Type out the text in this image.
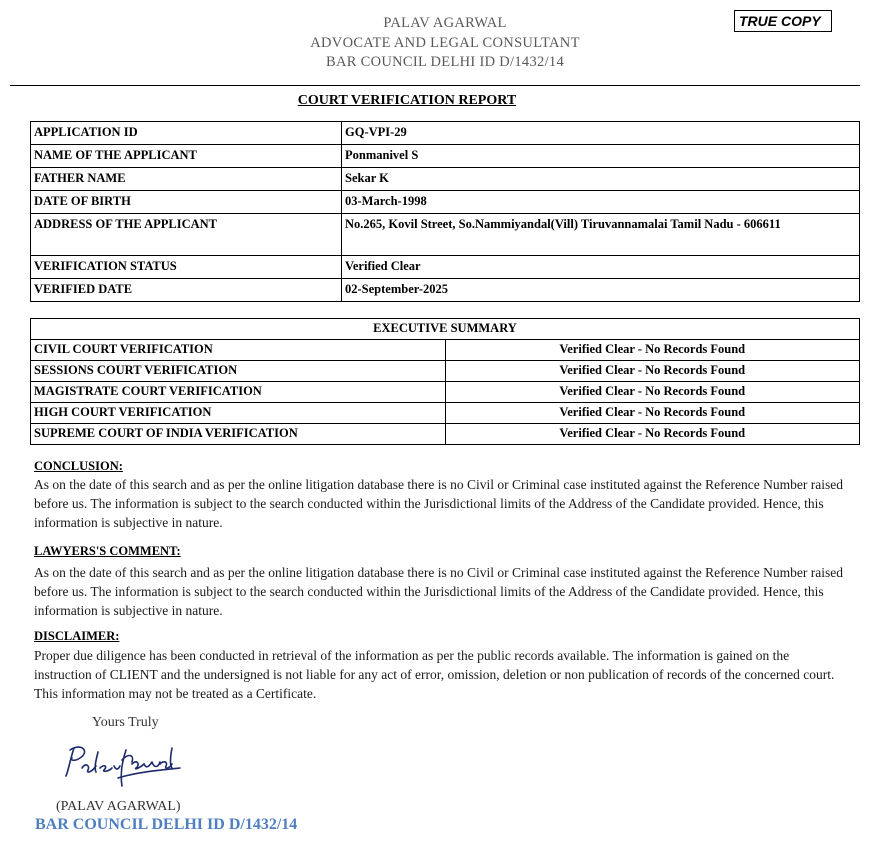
PALAV AGARWAL
ADVOCATE AND LEGAL CONSULTANT
BAR COUNCIL DELHI ID D/1432/14
TRUE COPY
COURT VERIFICATION REPORT
APPLICATION ID	GQ-VPI-29
NAME OF THE APPLICANT	Ponmanivel S
FATHER NAME	Sekar K
DATE OF BIRTH	03-March-1998
ADDRESS OF THE APPLICANT	No.265, Kovil Street, So.Nammiyandal(Vill) Tiruvannamalai Tamil Nadu - 606611
VERIFICATION STATUS	Verified Clear
VERIFIED DATE	02-September-2025
EXECUTIVE SUMMARY	
CIVIL COURT VERIFICATION	Verified Clear - No Records Found
SESSIONS COURT VERIFICATION	Verified Clear - No Records Found
MAGISTRATE COURT VERIFICATION	Verified Clear - No Records Found
HIGH COURT VERIFICATION	Verified Clear - No Records Found
SUPREME COURT OF INDIA VERIFICATION	Verified Clear - No Records Found
CONCLUSION:
As on the date of this search and as per the online litigation database there is no Civil or Criminal case instituted against the Reference Number raised before us. The information is subject to the search conducted within the Jurisdictional limits of the Address of the Candidate provided. Hence, this information is subjective in nature.
LAWYERS'S COMMENT:
As on the date of this search and as per the online litigation database there is no Civil or Criminal case instituted against the Reference Number raised before us. The information is subject to the search conducted within the Jurisdictional limits of the Address of the Candidate provided. Hence, this information is subjective in nature.
DISCLAIMER:
Proper due diligence has been conducted in retrieval of the information as per the public records available. The information is gained on the instruction of CLIENT and the undersigned is not liable for any act of error, omission, deletion or non publication of records of the concerned court. This information may not be treated as a Certificate.
Yours Truly
(PALAV AGARWAL)
BAR COUNCIL DELHI ID D/1432/14
